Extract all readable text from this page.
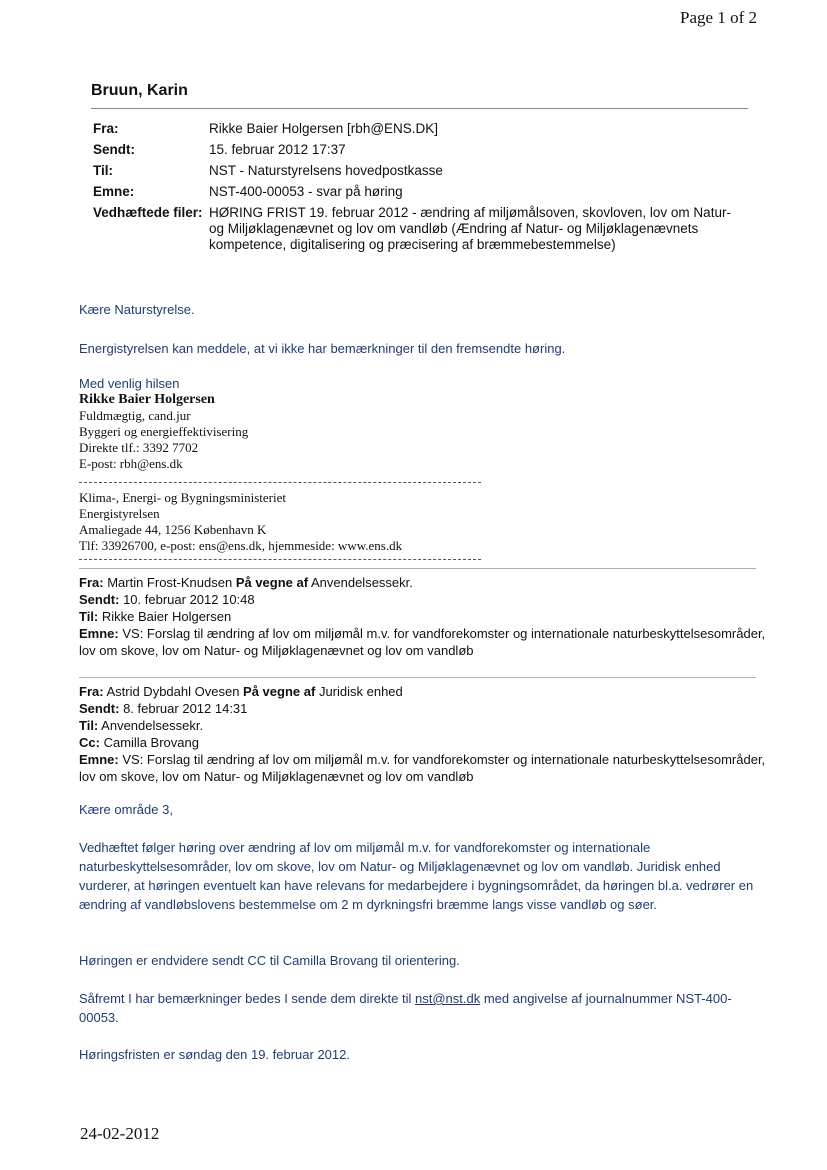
Page 1 of 2
Bruun, Karin
Fra:	Rikke Baier Holgersen [rbh@ENS.DK]
Sendt:	15. februar 2012 17:37
Til:	NST - Naturstyrelsens hovedpostkasse
Emne:	NST-400-00053 - svar på høring
Vedhæftede filer: HØRING FRIST 19. februar 2012 - ændring af miljømålsoven, skovloven, lov om Natur- og Miljøklagenævnet og lov om vandløb (Ændring af Natur- og Miljøklagenævnets kompetence, digitalisering og præcisering af bræmmebestemmelse)
Kære Naturstyrelse.
Energistyrelsen kan meddele, at vi ikke har bemærkninger til den fremsendte høring.
Med venlig hilsen
Rikke Baier Holgersen
Fuldmægtig, cand.jur
Byggeri og energieffektivisering
Direkte tlf.: 3392 7702
E-post: rbh@ens.dk
Klima-, Energi- og Bygningsministeriet
Energistyrelsen
Amaliegade 44, 1256 København K
Tlf: 33926700, e-post: ens@ens.dk, hjemmeside: www.ens.dk
Fra: Martin Frost-Knudsen På vegne af Anvendelsessekr.
Sendt: 10. februar 2012 10:48
Til: Rikke Baier Holgersen
Emne: VS: Forslag til ændring af lov om miljømål m.v. for vandforekomster og internationale naturbeskyttelsesområder, lov om skove, lov om Natur- og Miljøklagenævnet og lov om vandløb
Fra: Astrid Dybdahl Ovesen På vegne af Juridisk enhed
Sendt: 8. februar 2012 14:31
Til: Anvendelsessekr.
Cc: Camilla Brovang
Emne: VS: Forslag til ændring af lov om miljømål m.v. for vandforekomster og internationale naturbeskyttelsesområder, lov om skove, lov om Natur- og Miljøklagenævnet og lov om vandløb
Kære område 3,
Vedhæftet følger høring over ændring af lov om miljømål m.v. for vandforekomster og internationale naturbeskyttelsesområder, lov om skove, lov om Natur- og Miljøklagenævnet og lov om vandløb. Juridisk enhed vurderer, at høringen eventuelt kan have relevans for medarbejdere i bygningsområdet, da høringen bl.a. vedrører en ændring af vandløbslovens bestemmelse om 2 m dyrkningsfri bræmme langs visse vandløb og søer.
Høringen er endvidere sendt CC til Camilla Brovang til orientering.
Såfremt I har bemærkninger bedes I sende dem direkte til nst@nst.dk med angivelse af journalnummer NST-400-00053.
Høringsfristen er søndag den 19. februar 2012.
24-02-2012
